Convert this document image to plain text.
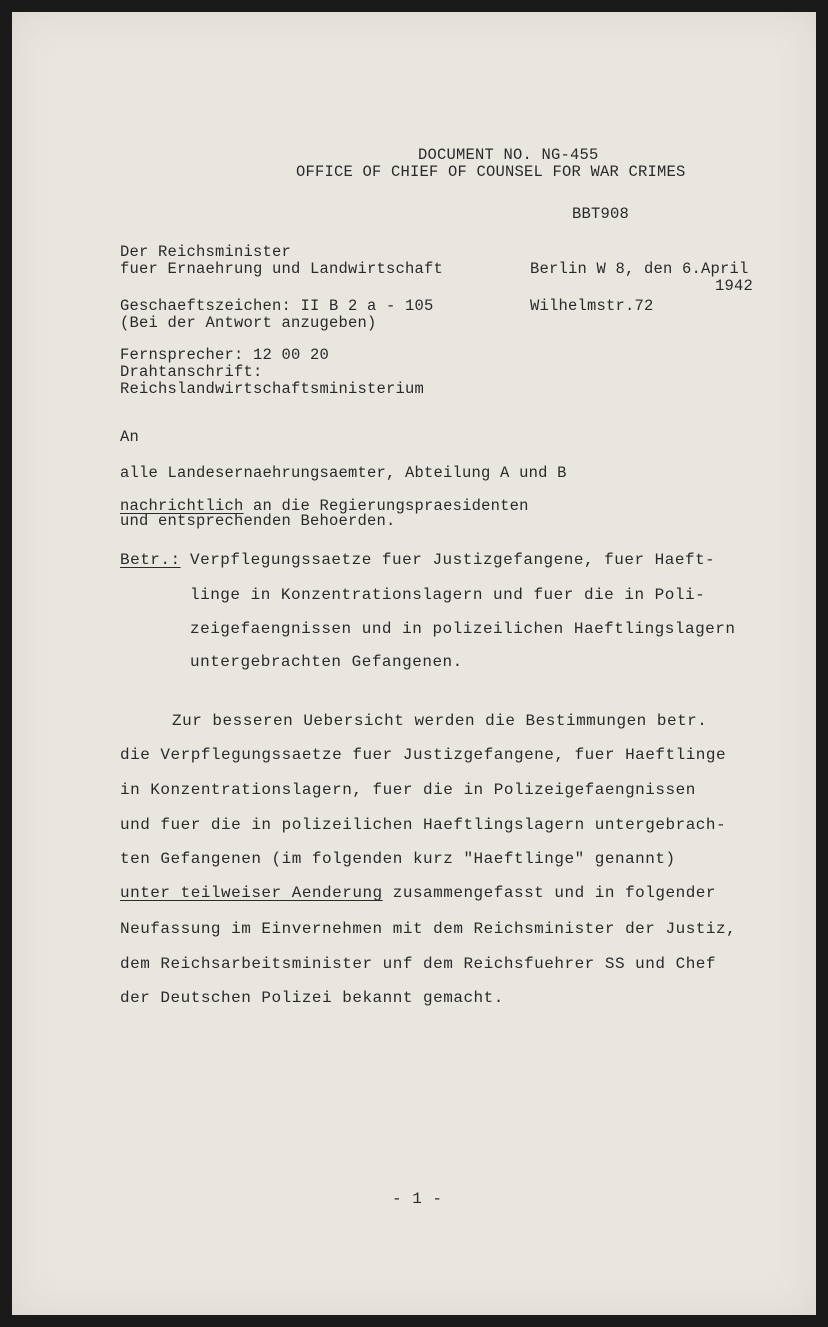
DOCUMENT NO. NG-455

OFFICE OF CHIEF OF COUNSEL FOR WAR CRIMES

BBT908

Der Reichsminister

fuer Ernaehrung und Landwirtschaft	Berlin W 8, den 6.April

1942

Geschaeftszeichen: II B 2 a - 105	Wilhelmstr.72

(Bei der Antwort anzugeben)

Fernsprecher: 12 00 20

Drahtanschrift:

Reichslandwirtschaftsministerium

An

alle Landesernaehrungsaemter, Abteilung A und B

nachrichtlich an die Regierungspraesidenten

und entsprechenden Behoerden.

Betr.: Verpflegungssaetze fuer Justizgefangene, fuer Haeft-

linge in Konzentrationslagern und fuer die in Poli-

zeigefaengnissen und in polizeilichen Haeftlingslagern

untergebrachten Gefangenen.

Zur besseren Uebersicht werden die Bestimmungen betr.

die Verpflegungssaetze fuer Justizgefangene, fuer Haeftlinge

in Konzentrationslagern, fuer die in Polizeigefaengnissen

und fuer die in polizeilichen Haeftlingslagern untergebrach-

ten Gefangenen (im folgenden kurz "Haeftlinge" genannt)

unter teilweiser Aenderung zusammengefasst und in folgender

Neufassung im Einvernehmen mit dem Reichsminister der Justiz,

dem Reichsarbeitsminister unf dem Reichsfuehrer SS und Chef

der Deutschen Polizei bekannt gemacht.

- 1 -
